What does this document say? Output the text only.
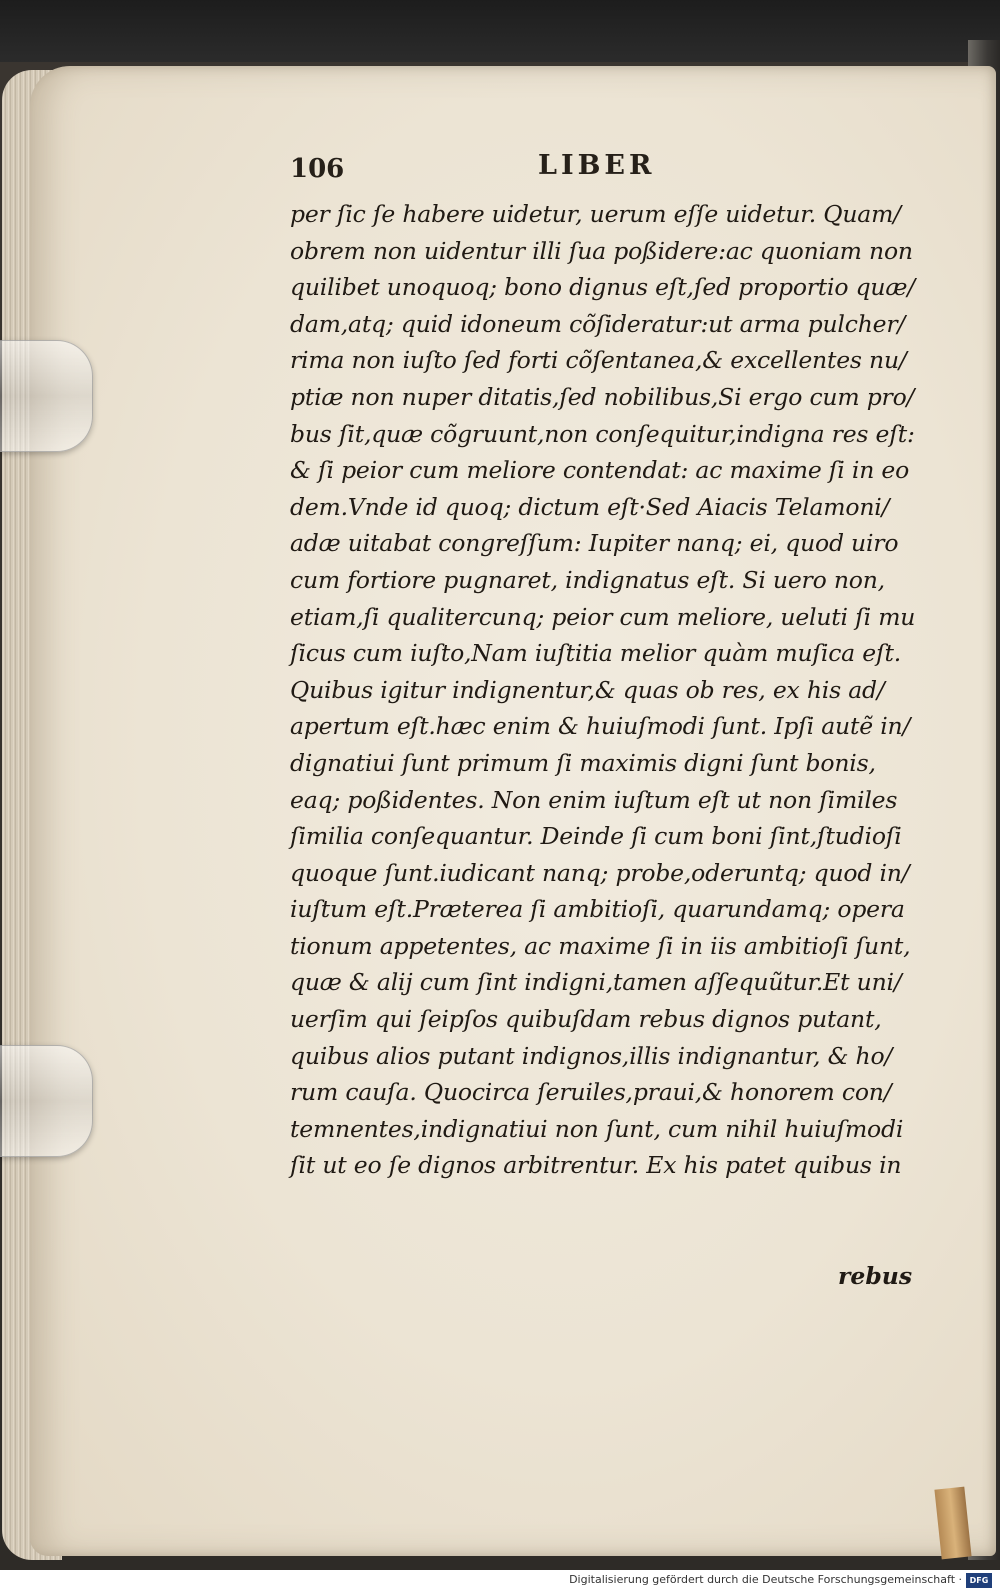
106	LIBER
per ſic ſe habere uidetur, uerum eſſe uidetur. Quam/
obrem non uidentur illi ſua poßidere:ac quoniam non
quilibet unoquoq; bono dignus eſt,ſed proportio quæ/
dam,atq; quid idoneum cõſideratur:ut arma pulcher/
rima non iuſto ſed forti cõſentanea,& excellentes nu/
ptiæ non nuper ditatis,ſed nobilibus,Si ergo cum pro/
bus ſit,quæ cõgruunt,non conſequitur,indigna res eſt:
& ſi peior cum meliore contendat: ac maxime ſi in eo
dem.Vnde id quoq; dictum eſt·Sed Aiacis Telamoni/
adæ uitabat congreſſum: Iupiter nanq; ei, quod uiro
cum fortiore pugnaret, indignatus eſt. Si uero non,
etiam,ſi qualitercunq; peior cum meliore, ueluti ſi mu
ſicus cum iuſto,Nam iuſtitia melior quàm muſica eſt.
Quibus igitur indignentur,& quas ob res, ex his ad/
apertum eſt.hæc enim & huiuſmodi ſunt. Ipſi autẽ in/
dignatiui ſunt primum ſi maximis digni ſunt bonis,
eaq; poßidentes. Non enim iuſtum eſt ut non ſimiles
ſimilia conſequantur. Deinde ſi cum boni ſint,ſtudioſi
quoque ſunt.iudicant nanq; probe,oderuntq; quod in/
iuſtum eſt.Præterea ſi ambitioſi, quarundamq; opera
tionum appetentes, ac maxime ſi in iis ambitioſi ſunt,
quæ & alij cum ſint indigni,tamen aſſequũtur.Et uni/
uerſim qui ſeipſos quibuſdam rebus dignos putant,
quibus alios putant indignos,illis indignantur, & ho/
rum cauſa. Quocirca ſeruiles,praui,& honorem con/
temnentes,indignatiui non ſunt, cum nihil huiuſmodi
ſit ut eo ſe dignos arbitrentur. Ex his patet quibus in
rebus
Digitalisierung gefördert durch die Deutsche Forschungsgemeinschaft · DFG
